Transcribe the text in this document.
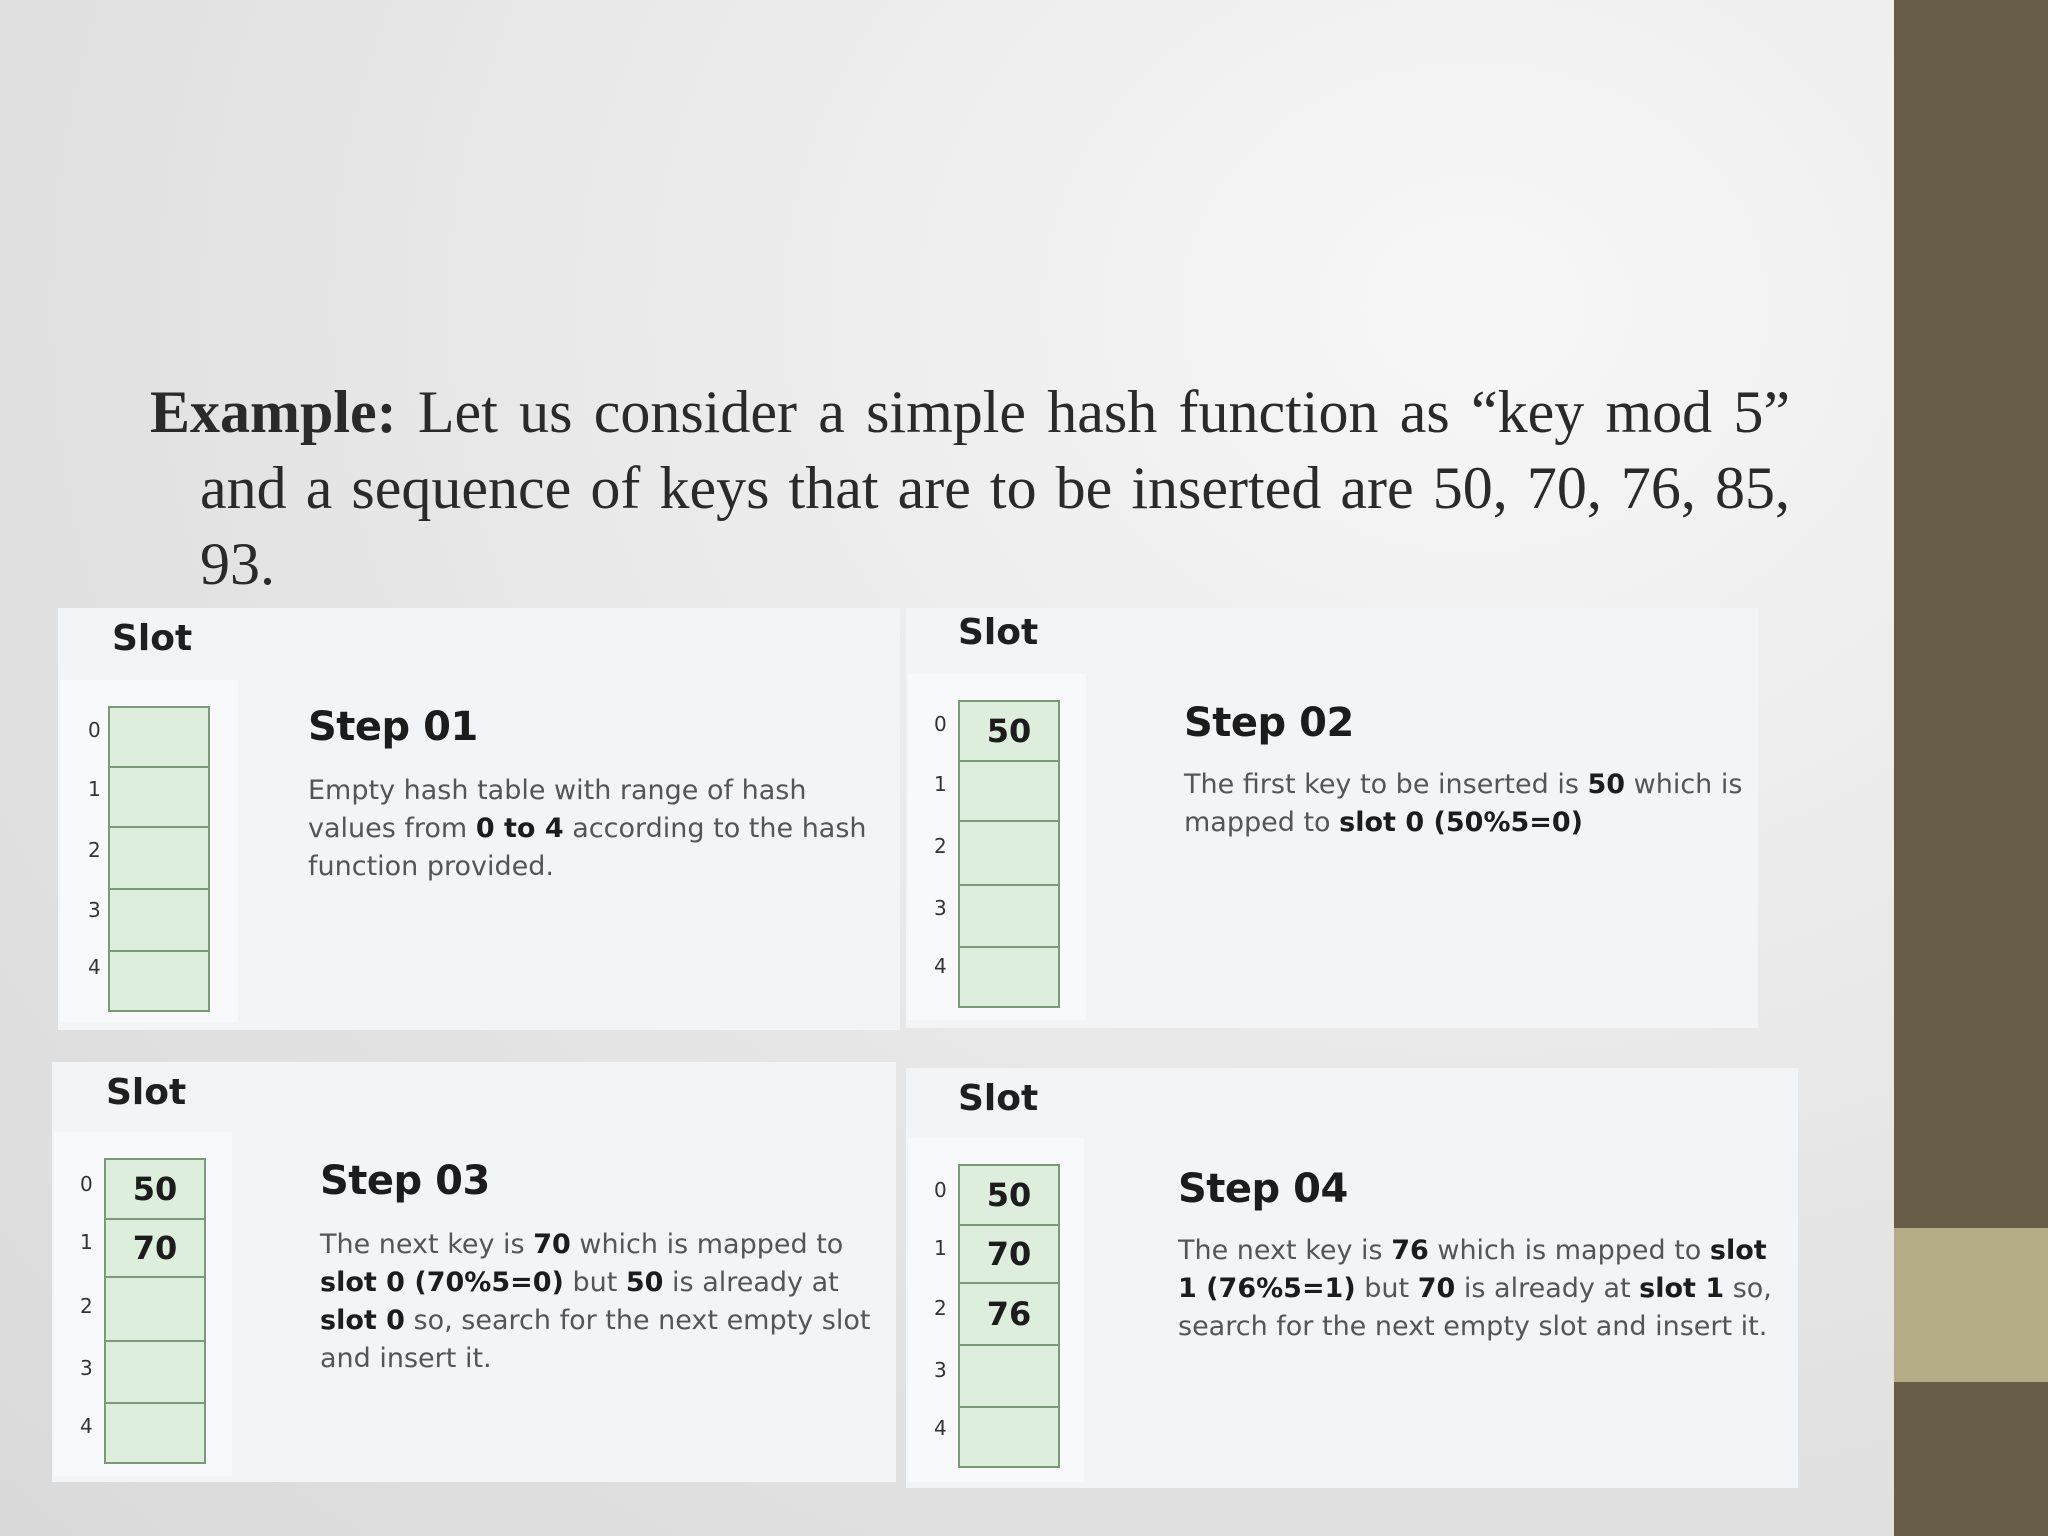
Example: Let us consider a simple hash function as “key mod 5” and a sequence of keys that are to be inserted are 50, 70, 76, 85, 93.
Slot
0
1
2
3
4
Step 01
Empty hash table with range of hash values from 0 to 4 according to the hash function provided.
Slot
0
1
2
3
4
50	Step 02
The first key to be inserted is 50 which is mapped to slot 0 (50%5=0)
Slot
0
1
2
3
4
50
70
Step 03
The next key is 70 which is mapped to slot 0 (70%5=0) but 50 is already at slot 0 so, search for the next empty slot and insert it.
Slot
0
1
2
3
4
50
70
76
Step 04
The next key is 76 which is mapped to slot 1 (76%5=1) but 70 is already at slot 1 so, search for the next empty slot and insert it.
